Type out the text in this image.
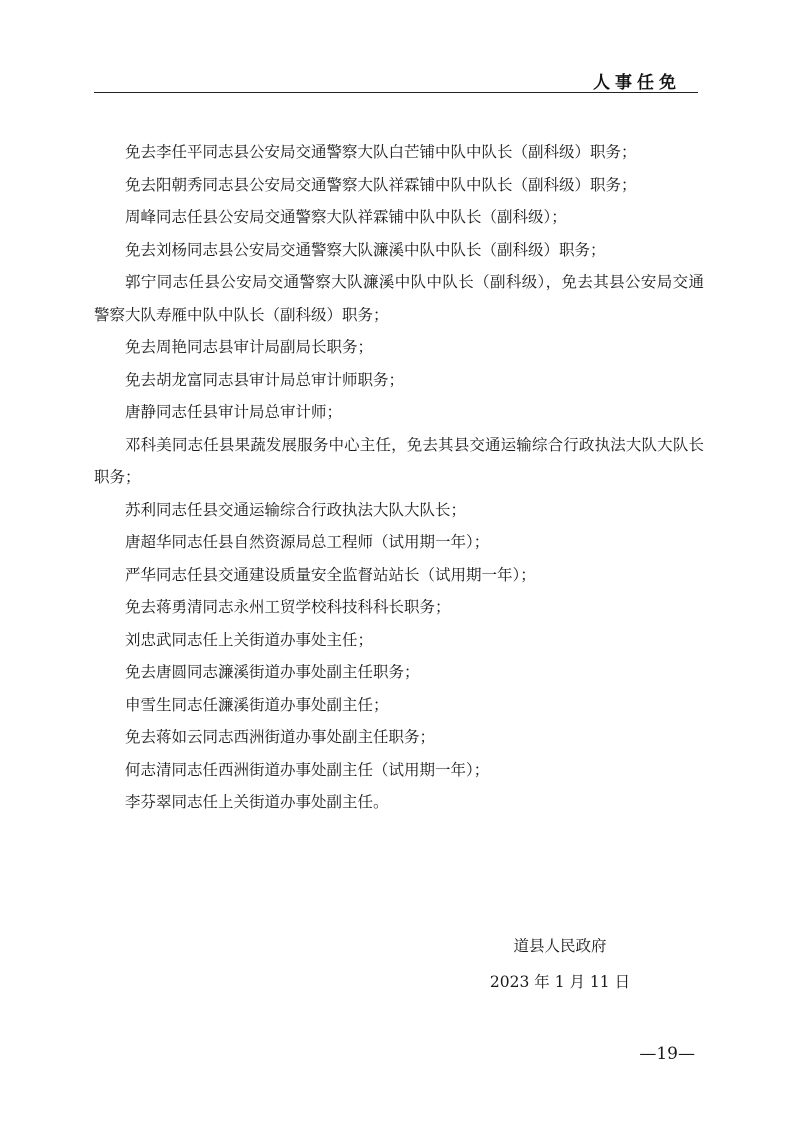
人事任免

免去李任平同志县公安局交通警察大队白芒铺中队中队长（副科级）职务；

免去阳朝秀同志县公安局交通警察大队祥霖铺中队中队长（副科级）职务；

周峰同志任县公安局交通警察大队祥霖铺中队中队长（副科级）；

免去刘杨同志县公安局交通警察大队濂溪中队中队长（副科级）职务；

郭宁同志任县公安局交通警察大队濂溪中队中队长（副科级），免去其县公安局交通警察大队寿雁中队中队长（副科级）职务；

免去周艳同志县审计局副局长职务；

免去胡龙富同志县审计局总审计师职务；

唐静同志任县审计局总审计师；

邓科美同志任县果蔬发展服务中心主任，免去其县交通运输综合行政执法大队大队长职务；

苏利同志任县交通运输综合行政执法大队大队长；

唐超华同志任县自然资源局总工程师（试用期一年）；

严华同志任县交通建设质量安全监督站站长（试用期一年）；

免去蒋勇清同志永州工贸学校科技科科长职务；

刘忠武同志任上关街道办事处主任；

免去唐圆同志濂溪街道办事处副主任职务；

申雪生同志任濂溪街道办事处副主任；

免去蒋如云同志西洲街道办事处副主任职务；

何志清同志任西洲街道办事处副主任（试用期一年）；

李芬翠同志任上关街道办事处副主任。

道县人民政府
2023 年 1 月 11 日
—19—
